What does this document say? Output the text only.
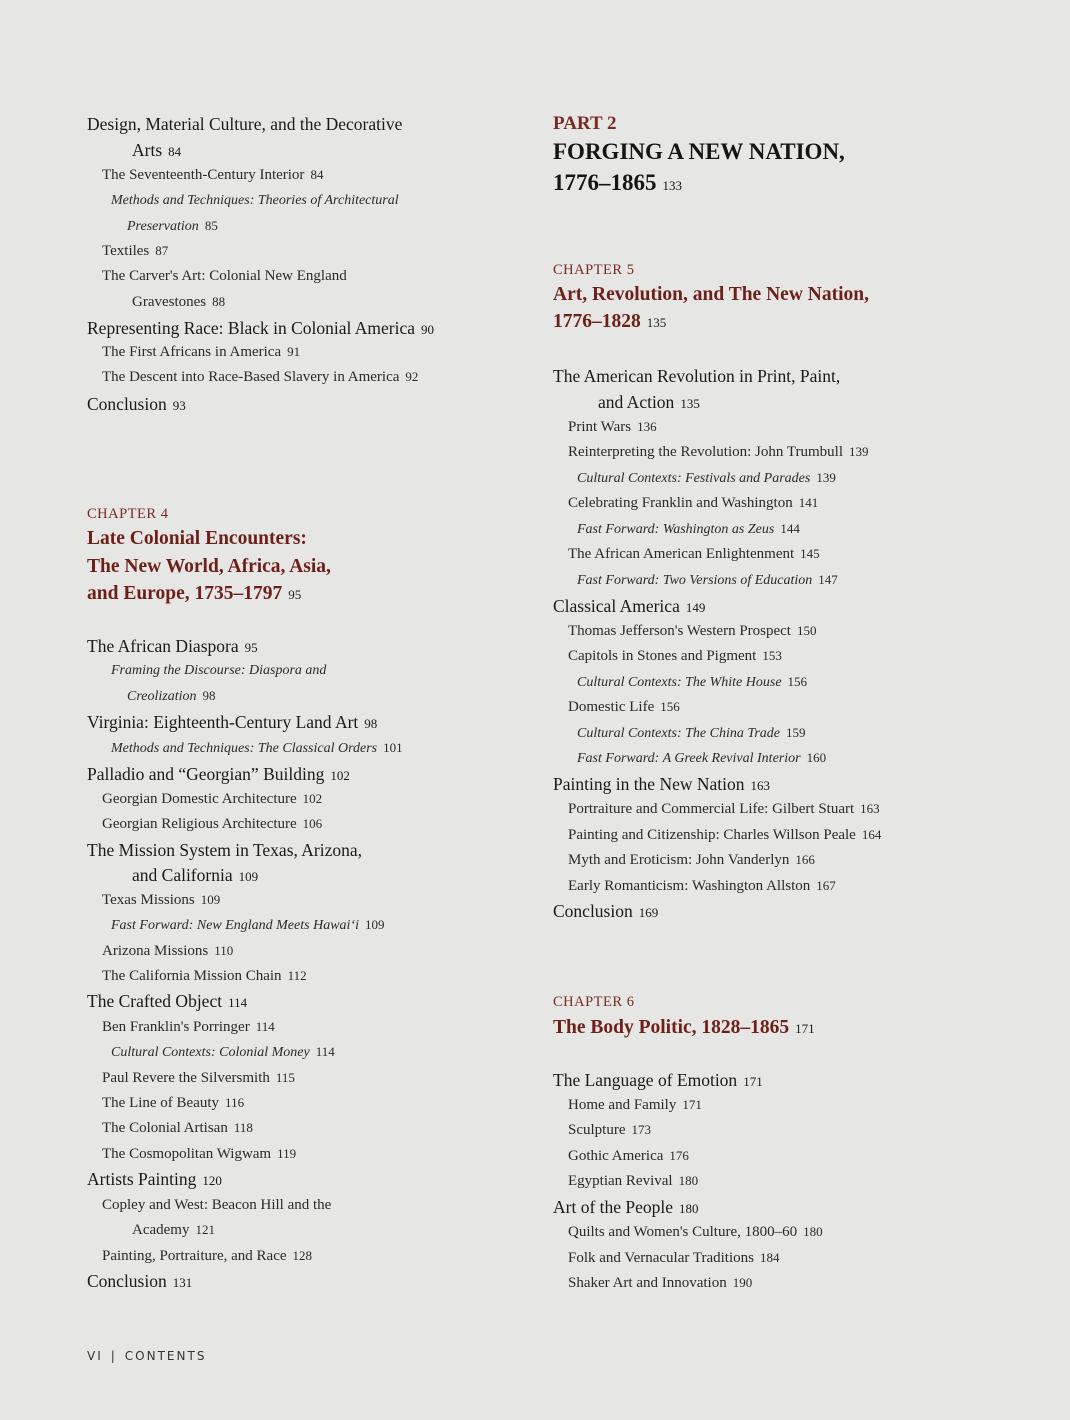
CHAPTER 4
Late Colonial Encounters:
The New World, Africa, Asia,
and Europe, 1735–1797 95
Design, Material Culture, and the Decorative
Arts 84
The Seventeenth-Century Interior 84
Methods and Techniques: Theories of Architectural
Preservation 85
Textiles 87
The Carver's Art: Colonial New England
Gravestones 88
Representing Race: Black in Colonial America 90
The First Africans in America 91
The Descent into Race-Based Slavery in America 92
Conclusion 93
The African Diaspora 95
Framing the Discourse: Diaspora and
Creolization 98
Virginia: Eighteenth-Century Land Art 98
Methods and Techniques: The Classical Orders 101
Palladio and “Georgian” Building 102
Georgian Domestic Architecture 102
Georgian Religious Architecture 106
The Mission System in Texas, Arizona,
and California 109
Texas Missions 109
Fast Forward: New England Meets Hawai‘i 109
Arizona Missions 110
The California Mission Chain 112
The Crafted Object 114
Ben Franklin's Porringer 114
Cultural Contexts: Colonial Money 114
Paul Revere the Silversmith 115
The Line of Beauty 116
The Colonial Artisan 118
The Cosmopolitan Wigwam 119
Artists Painting 120
Copley and West: Beacon Hill and the
Academy 121
Painting, Portraiture, and Race 128
Conclusion 131
PART 2
FORGING A NEW NATION,
1776–1865 133
CHAPTER 5
Art, Revolution, and The New Nation,
1776–1828 135
CHAPTER 6
The Body Politic, 1828–1865 171
The American Revolution in Print, Paint,
and Action 135
Print Wars 136
Reinterpreting the Revolution: John Trumbull 139
Cultural Contexts: Festivals and Parades 139
Celebrating Franklin and Washington 141
Fast Forward: Washington as Zeus 144
The African American Enlightenment 145
Fast Forward: Two Versions of Education 147
Classical America 149
Thomas Jefferson's Western Prospect 150
Capitols in Stones and Pigment 153
Cultural Contexts: The White House 156
Domestic Life 156
Cultural Contexts: The China Trade 159
Fast Forward: A Greek Revival Interior 160
Painting in the New Nation 163
Portraiture and Commercial Life: Gilbert Stuart 163
Painting and Citizenship: Charles Willson Peale 164
Myth and Eroticism: John Vanderlyn 166
Early Romanticism: Washington Allston 167
Conclusion 169
The Language of Emotion 171
Home and Family 171
Sculpture 173
Gothic America 176
Egyptian Revival 180
Art of the People 180
Quilts and Women's Culture, 1800–60 180
Folk and Vernacular Traditions 184
Shaker Art and Innovation 190
VI | CONTENTS
